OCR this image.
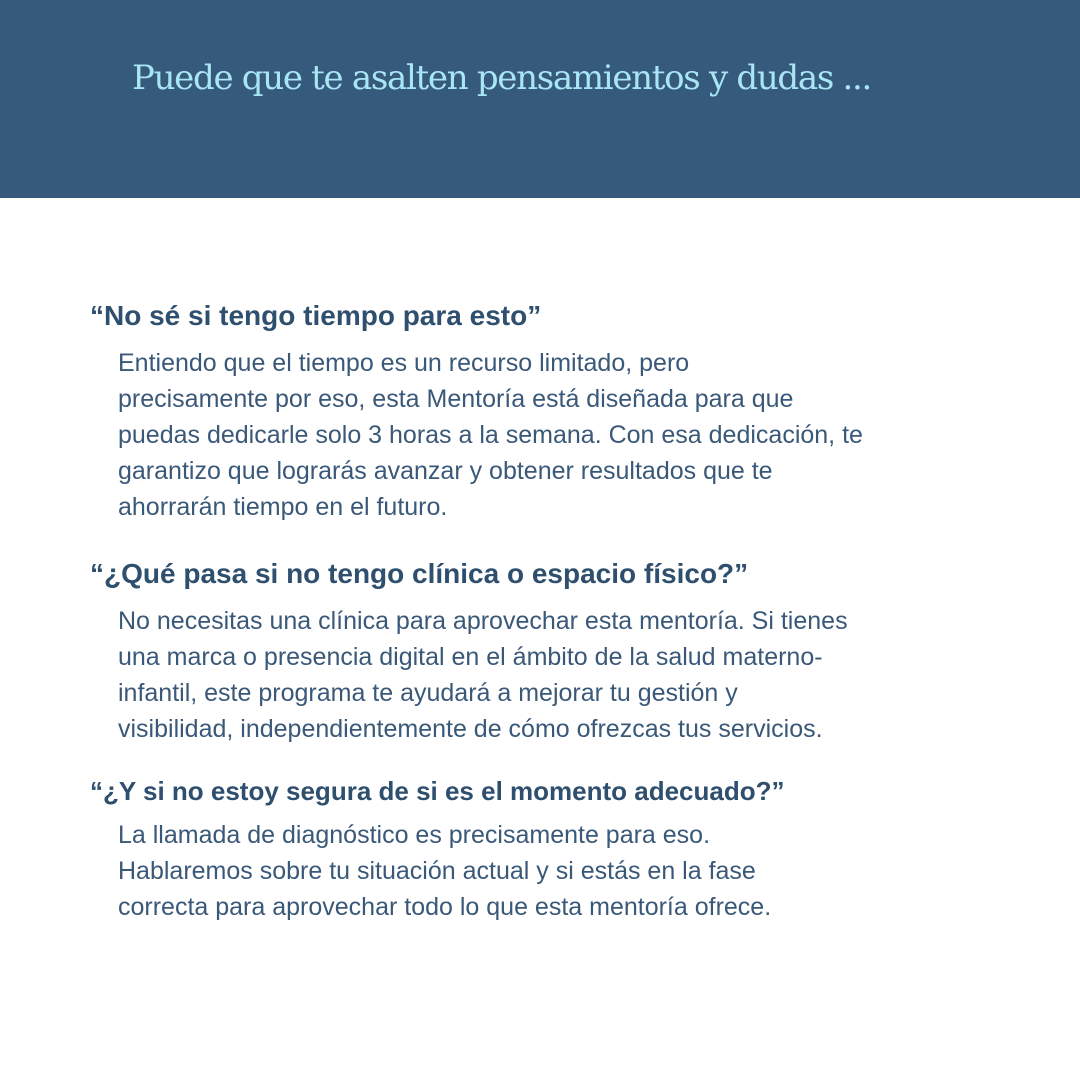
Puede que te asalten pensamientos y dudas ...
“No sé si tengo tiempo para esto”

Entiendo que el tiempo es un recurso limitado, pero
precisamente por eso, esta Mentoría está diseñada para que
puedas dedicarle solo 3 horas a la semana. Con esa dedicación, te
garantizo que lograrás avanzar y obtener resultados que te
ahorrarán tiempo en el futuro.

“¿Qué pasa si no tengo clínica o espacio físico?”

No necesitas una clínica para aprovechar esta mentoría. Si tienes
una marca o presencia digital en el ámbito de la salud materno-
infantil, este programa te ayudará a mejorar tu gestión y
visibilidad, independientemente de cómo ofrezcas tus servicios.

“¿Y si no estoy segura de si es el momento adecuado?”

La llamada de diagnóstico es precisamente para eso.
Hablaremos sobre tu situación actual y si estás en la fase
correcta para aprovechar todo lo que esta mentoría ofrece.
